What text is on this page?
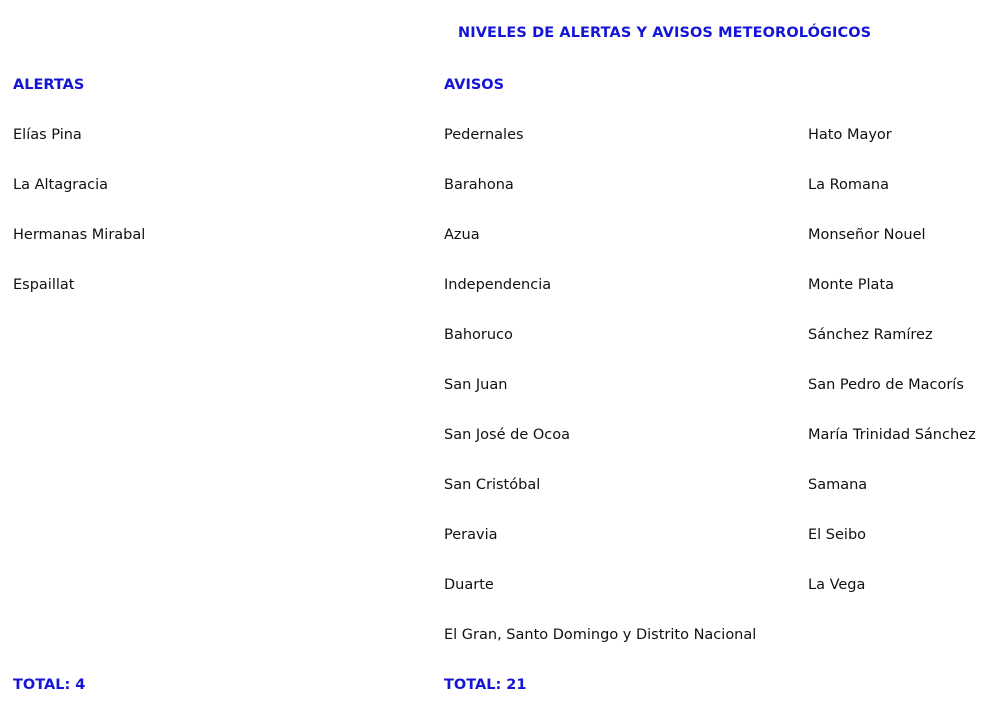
NIVELES DE ALERTAS Y AVISOS METEOROLÓGICOS
ALERTAS
Elías Pina
La Altagracia
Hermanas Mirabal
Espaillat
AVISOS
Pedernales
Barahona
Azua
Independencia
Bahoruco
San Juan
San José de Ocoa
San Cristóbal
Peravia
Duarte
El Gran, Santo Domingo y Distrito Nacional
Hato Mayor
La Romana
Monseñor Nouel
Monte Plata
Sánchez Ramírez
San Pedro de Macorís
María Trinidad Sánchez
Samana
El Seibo
La Vega
TOTAL: 4	TOTAL: 21
